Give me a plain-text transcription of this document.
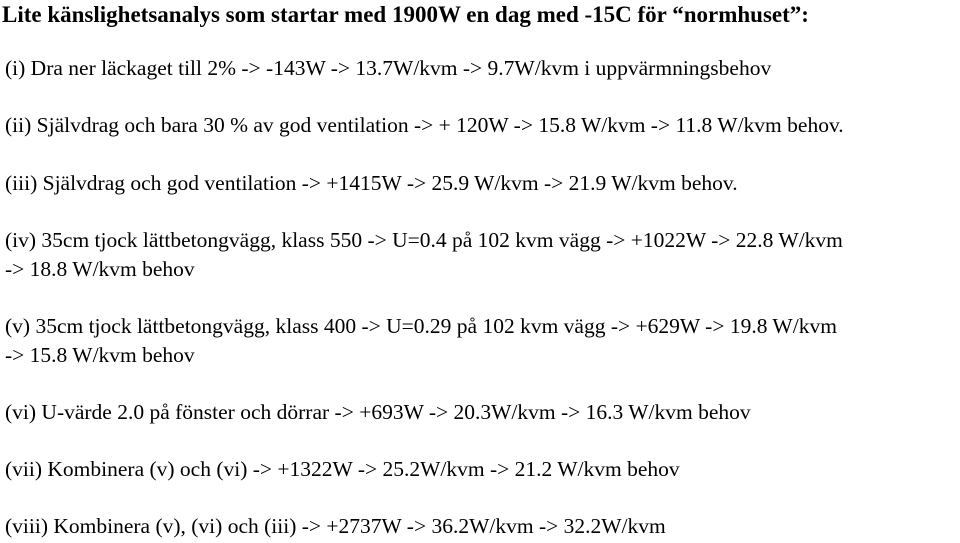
Lite känslighetsanalys som startar med 1900W en dag med -15C för “normhuset”:
(i) Dra ner läckaget till 2% -> -143W -> 13.7W/kvm -> 9.7W/kvm i uppvärmningsbehov
(ii) Självdrag och bara 30 % av god ventilation -> + 120W -> 15.8 W/kvm -> 11.8 W/kvm behov.
(iii) Självdrag och god ventilation -> +1415W -> 25.9 W/kvm -> 21.9 W/kvm behov.
(iv) 35cm tjock lättbetongvägg, klass 550 -> U=0.4 på 102 kvm vägg -> +1022W -> 22.8 W/kvm
-> 18.8 W/kvm behov
(v) 35cm tjock lättbetongvägg, klass 400 -> U=0.29 på 102 kvm vägg -> +629W -> 19.8 W/kvm
-> 15.8 W/kvm behov
(vi) U-värde 2.0 på fönster och dörrar -> +693W -> 20.3W/kvm -> 16.3 W/kvm behov
(vii) Kombinera (v) och (vi) -> +1322W -> 25.2W/kvm -> 21.2 W/kvm behov
(viii) Kombinera (v), (vi) och (iii) -> +2737W -> 36.2W/kvm -> 32.2W/kvm
